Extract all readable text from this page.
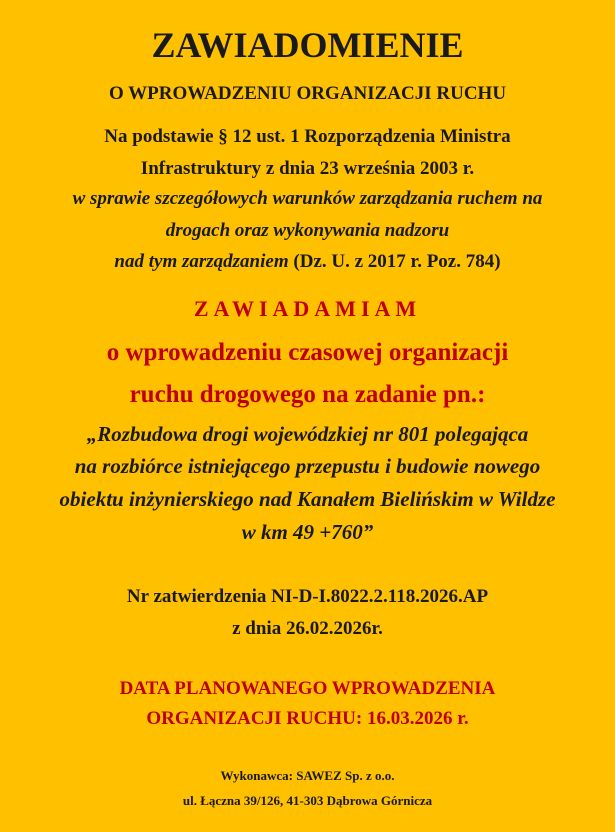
ZAWIADOMIENIE
O WPROWADZENIU ORGANIZACJI RUCHU
Na podstawie § 12 ust. 1 Rozporządzenia Ministra
Infrastruktury z dnia 23 września 2003 r.
w sprawie szczegółowych warunków zarządzania ruchem na
drogach oraz wykonywania nadzoru
nad tym zarządzaniem (Dz. U. z 2017 r. Poz. 784)
ZAWIADAMIAM
o wprowadzeniu czasowej organizacji
ruchu drogowego na zadanie pn.:
„Rozbudowa drogi wojewódzkiej nr 801 polegająca
na rozbiórce istniejącego przepustu i budowie nowego
obiektu inżynierskiego nad Kanałem Bielińskim w Wildze
w km 49 +760”
Nr zatwierdzenia NI-D-I.8022.2.118.2026.AP
z dnia 26.02.2026r.
DATA PLANOWANEGO WPROWADZENIA
ORGANIZACJI RUCHU: 16.03.2026 r.
Wykonawca: SAWEZ Sp. z o.o.
ul. Łączna 39/126, 41-303 Dąbrowa Górnicza
